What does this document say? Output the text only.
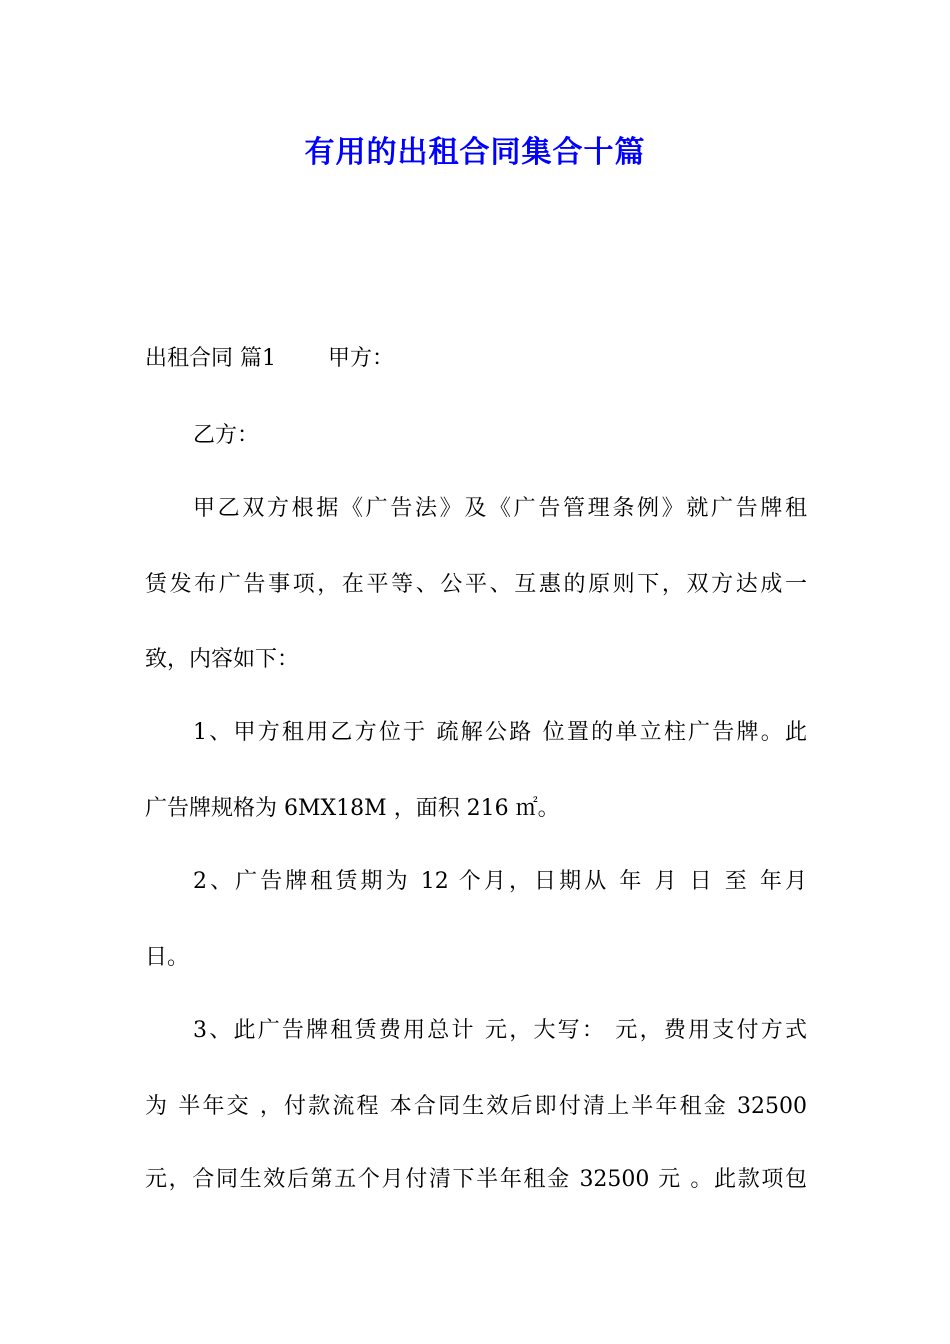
有用的出租合同集合十篇

出租合同 篇1 甲方：

乙方：

甲乙双方根据《广告法》及《广告管理条例》就广告牌租

赁发布广告事项，在平等、公平、互惠的原则下，双方达成一

致，内容如下：

1、甲方租用乙方位于 疏解公路 位置的单立柱广告牌。此

广告牌规格为 6MX18M ，面积 216 ㎡。

2、广告牌租赁期为 12 个月，日期从 年 月 日 至 年月

日。

3、此广告牌租赁费用总计 元，大写： 元，费用支付方式

为 半年交 ，付款流程 本合同生效后即付清上半年租金 32500

元，合同生效后第五个月付清下半年租金 32500 元 。此款项包
